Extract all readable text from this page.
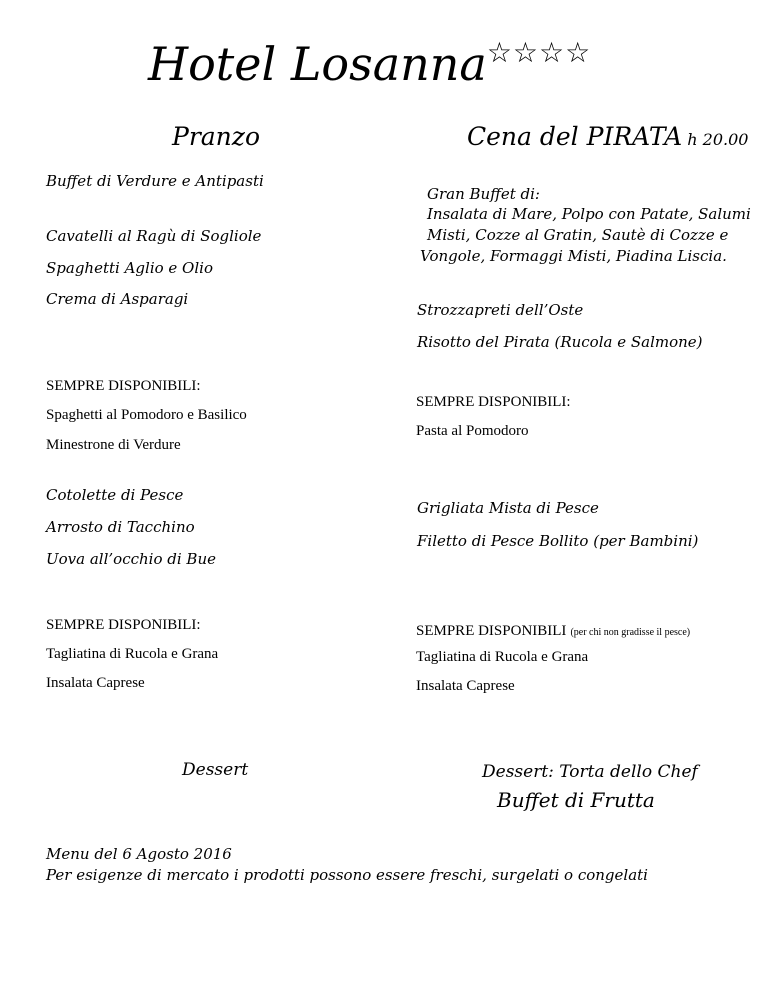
Hotel Losanna☆☆☆☆
Pranzo
Buffet di Verdure e Antipasti
Cavatelli al Ragù di Sogliole
Spaghetti Aglio e Olio
Crema di Asparagi
SEMPRE DISPONIBILI:
Spaghetti al Pomodoro e Basilico
Minestrone di Verdure
Cotolette di Pesce
Arrosto di Tacchino
Uova all’occhio di Bue
SEMPRE DISPONIBILI:
Tagliatina di Rucola e Grana
Insalata Caprese
Dessert
Cena del PIRATA h 20.00
Gran Buffet di:
Insalata di Mare, Polpo con Patate, Salumi
Misti, Cozze al Gratin, Sautè di Cozze e
Vongole, Formaggi Misti, Piadina Liscia.
Strozzapreti dell’Oste
Risotto del Pirata (Rucola e Salmone)
SEMPRE DISPONIBILI:
Pasta al Pomodoro
Grigliata Mista di Pesce
Filetto di Pesce Bollito (per Bambini)
SEMPRE DISPONIBILI (per chi non gradisse il pesce)
Tagliatina di Rucola e Grana
Insalata Caprese
Dessert: Torta dello Chef
Buffet di Frutta
Menu del 6 Agosto 2016
Per esigenze di mercato i prodotti possono essere freschi, surgelati o congelati
